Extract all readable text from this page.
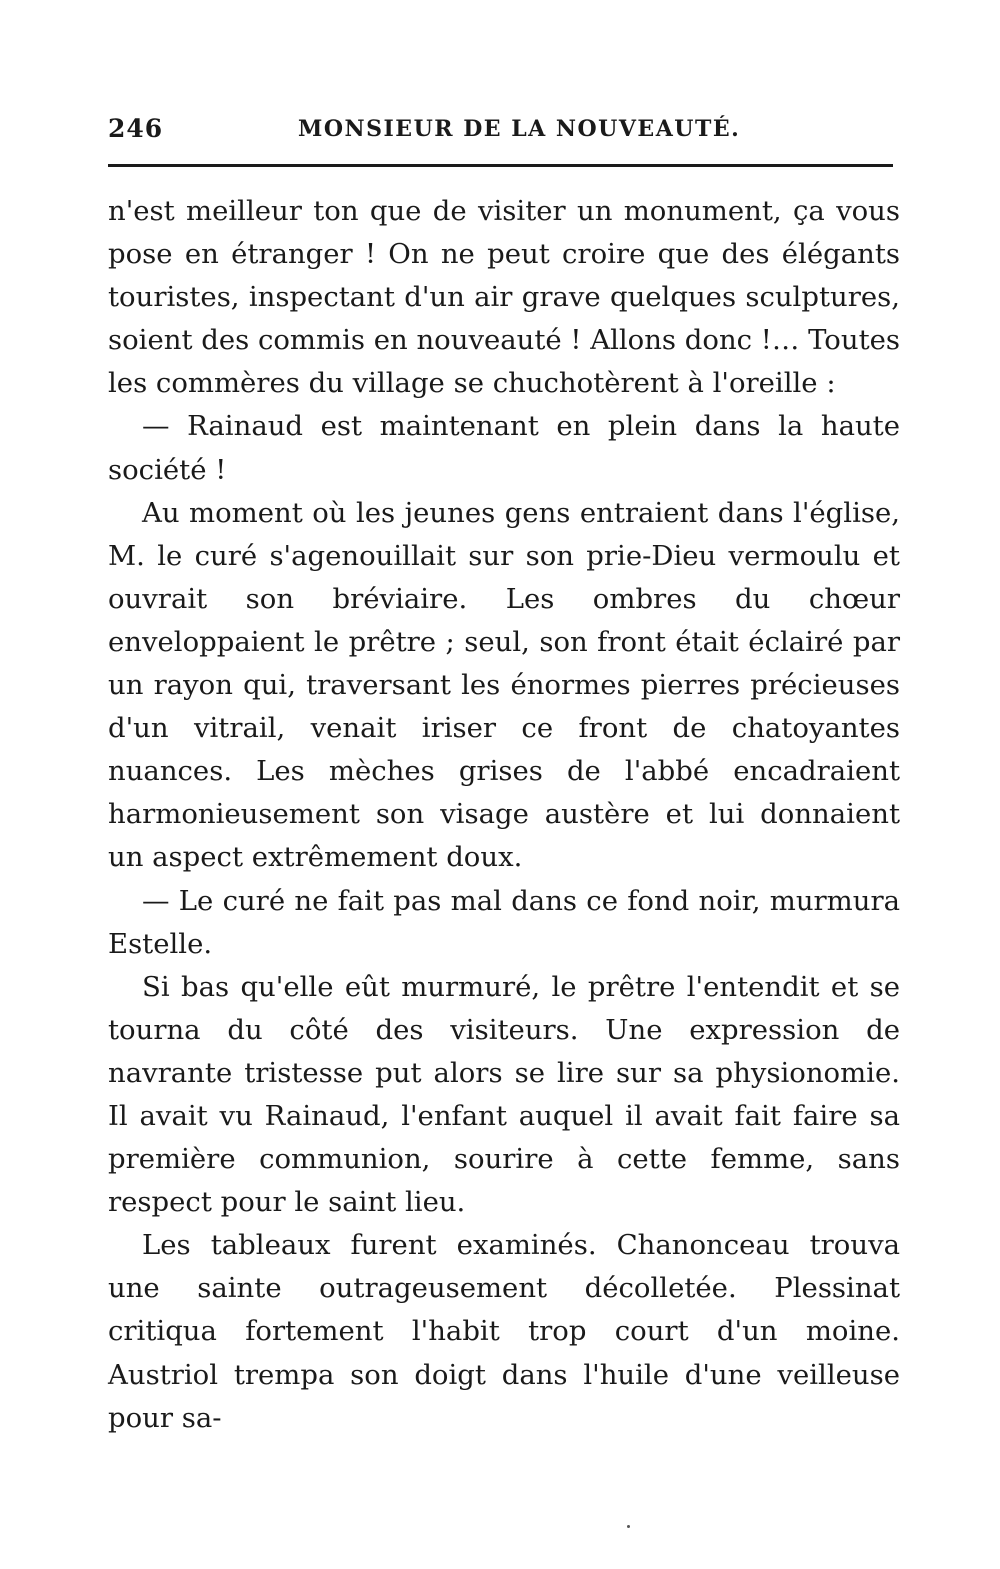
246	MONSIEUR DE LA NOUVEAUTÉ.

n'est meilleur ton que de visiter un monument, ça vous pose en étranger ! On ne peut croire que des élégants touristes, inspectant d'un air grave quelques sculptures, soient des commis en nouveauté ! Allons donc !… Toutes les commères du village se chuchotèrent à l'oreille :

— Rainaud est maintenant en plein dans la haute société !

Au moment où les jeunes gens entraient dans l'église, M. le curé s'agenouillait sur son prie-Dieu vermoulu et ouvrait son bréviaire. Les ombres du chœur enveloppaient le prêtre ; seul, son front était éclairé par un rayon qui, traversant les énormes pierres précieuses d'un vitrail, venait iriser ce front de chatoyantes nuances. Les mèches grises de l'abbé encadraient harmonieusement son visage austère et lui donnaient un aspect extrêmement doux.

— Le curé ne fait pas mal dans ce fond noir, murmura Estelle.

Si bas qu'elle eût murmuré, le prêtre l'entendit et se tourna du côté des visiteurs. Une expression de navrante tristesse put alors se lire sur sa physionomie. Il avait vu Rainaud, l'enfant auquel il avait fait faire sa première communion, sourire à cette femme, sans respect pour le saint lieu.

Les tableaux furent examinés. Chanonceau trouva une sainte outrageusement décolletée. Plessinat critiqua fortement l'habit trop court d'un moine. Austriol trempa son doigt dans l'huile d'une veilleuse pour sa-
